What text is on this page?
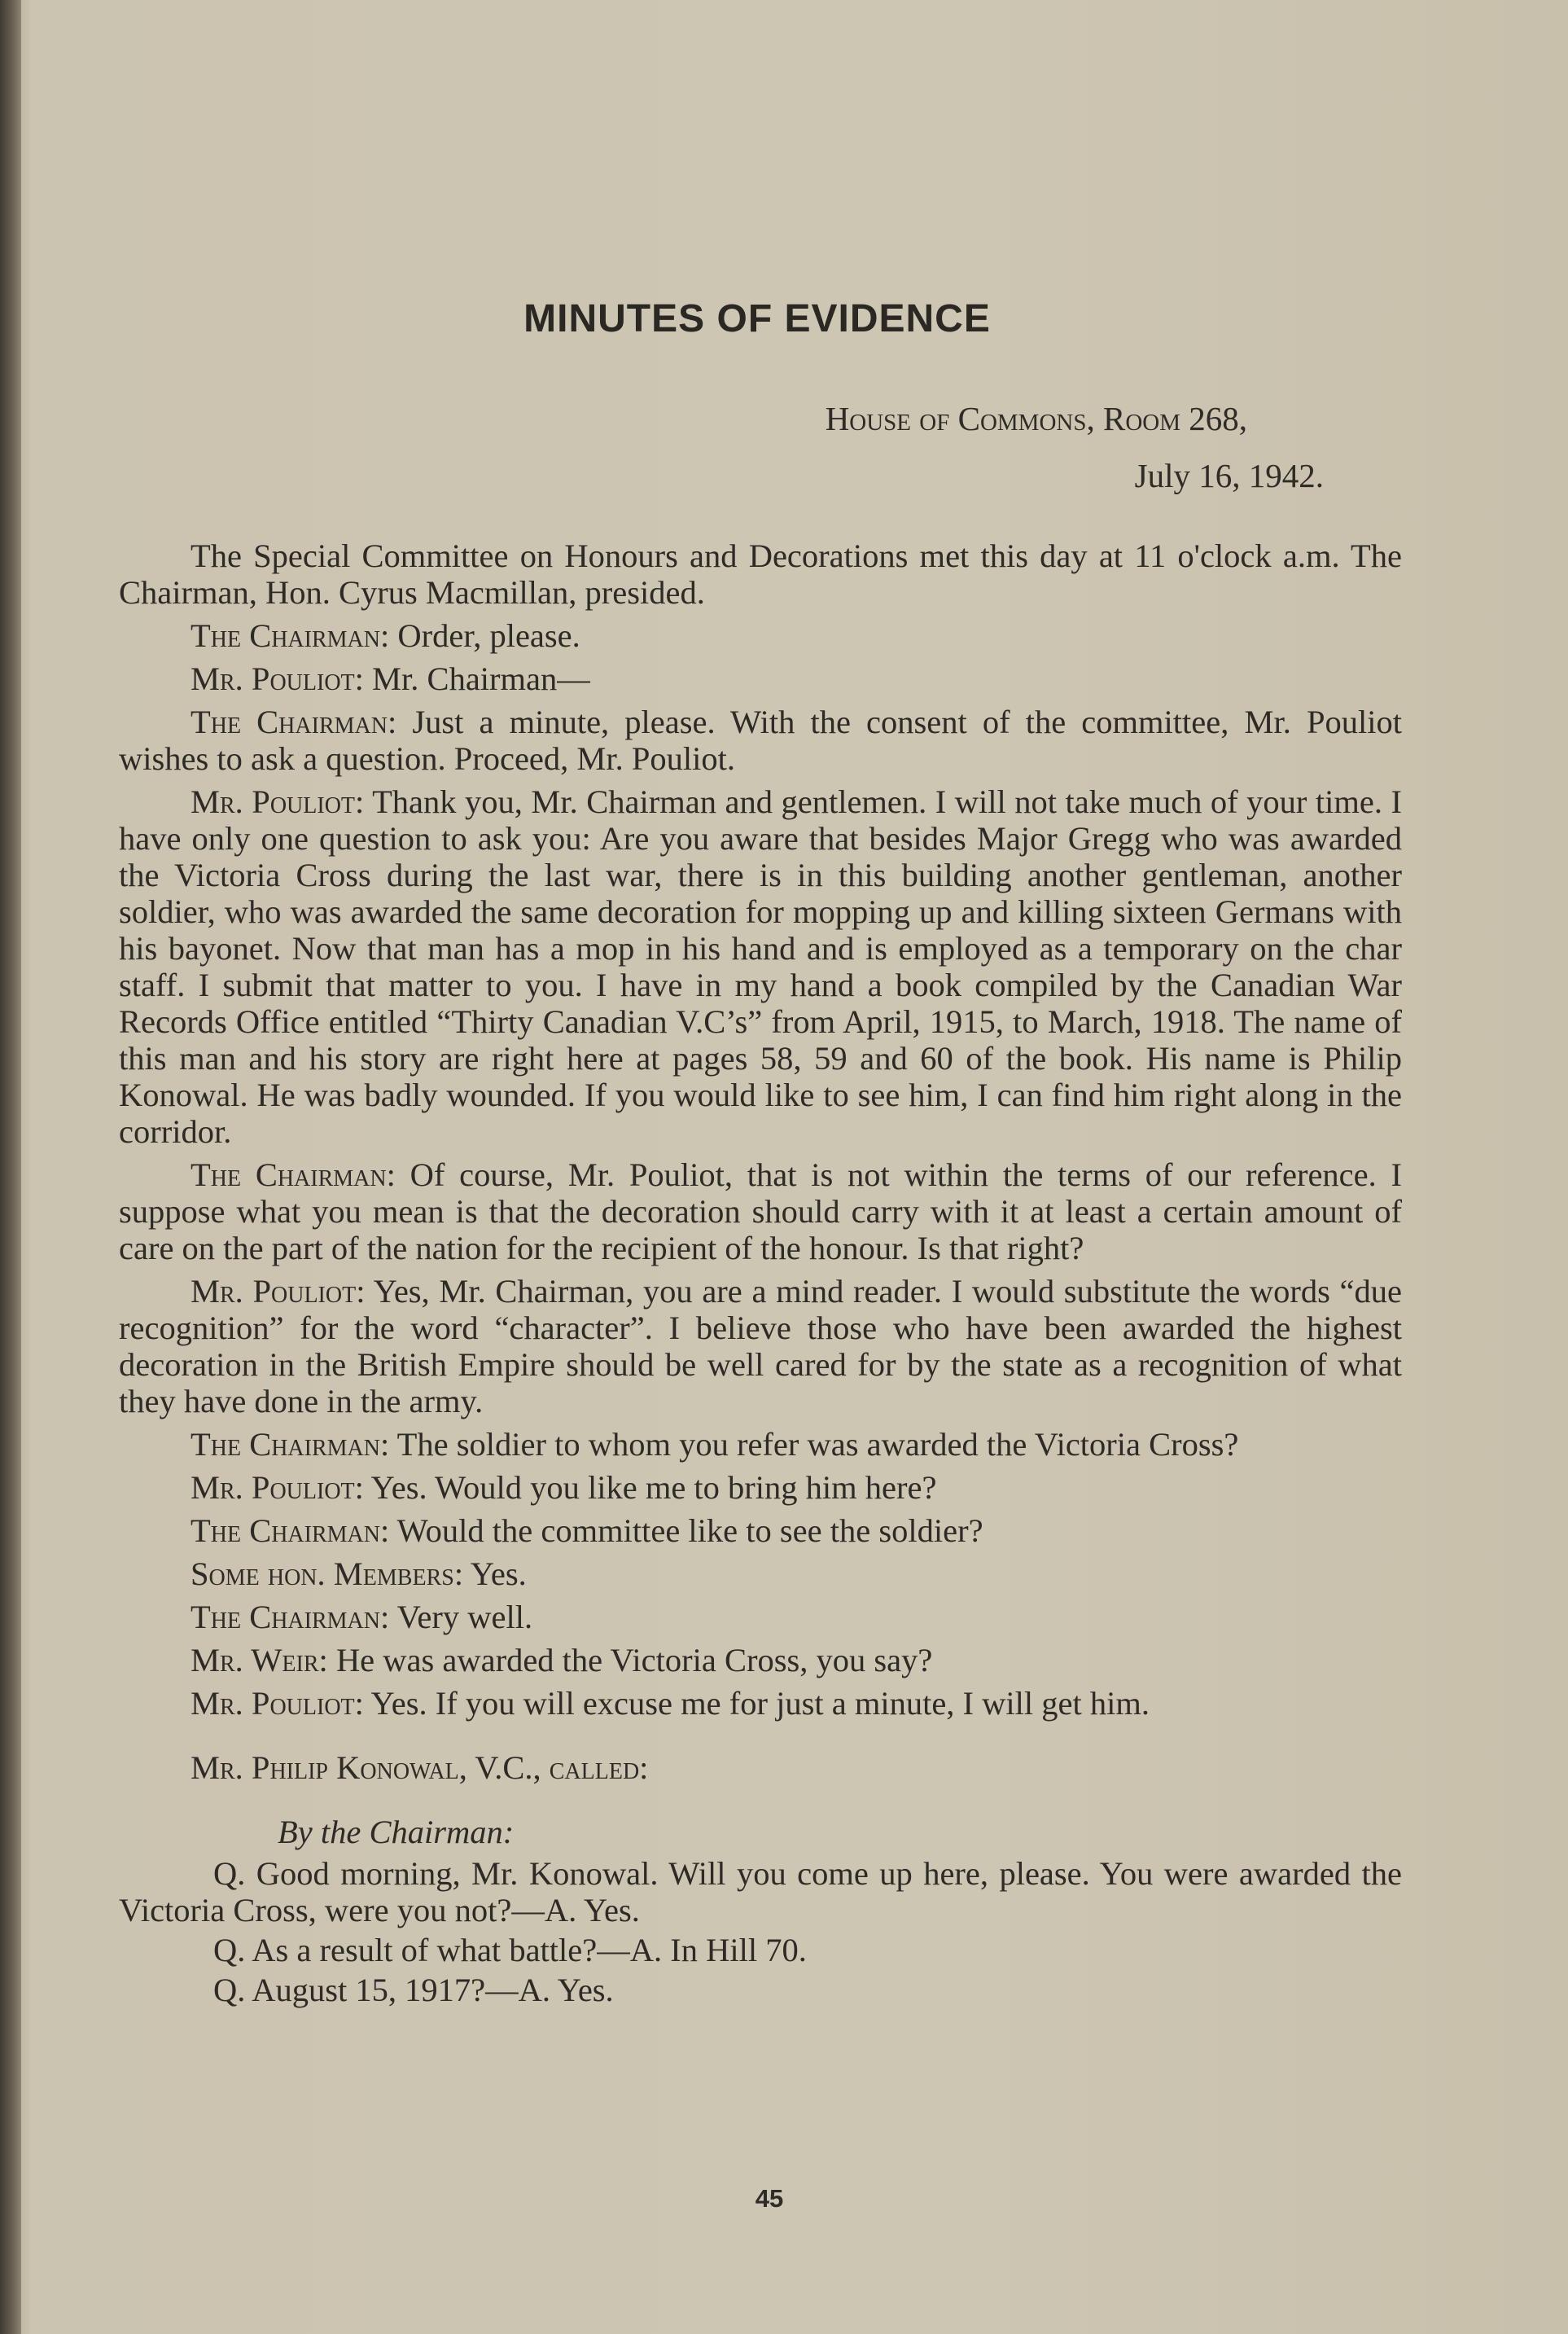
MINUTES OF EVIDENCE
House of Commons, Room 268,
July 16, 1942.

The Special Committee on Honours and Decorations met this day at 11 o'clock a.m. The Chairman, Hon. Cyrus Macmillan, presided.

The Chairman: Order, please.

Mr. Pouliot: Mr. Chairman—

The Chairman: Just a minute, please. With the consent of the committee, Mr. Pouliot wishes to ask a question. Proceed, Mr. Pouliot.

Mr. Pouliot: Thank you, Mr. Chairman and gentlemen. I will not take much of your time. I have only one question to ask you: Are you aware that besides Major Gregg who was awarded the Victoria Cross during the last war, there is in this building another gentleman, another soldier, who was awarded the same decoration for mopping up and killing sixteen Germans with his bayonet. Now that man has a mop in his hand and is employed as a temporary on the char staff. I submit that matter to you. I have in my hand a book compiled by the Canadian War Records Office entitled “Thirty Canadian V.C’s” from April, 1915, to March, 1918. The name of this man and his story are right here at pages 58, 59 and 60 of the book. His name is Philip Konowal. He was badly wounded. If you would like to see him, I can find him right along in the corridor.

The Chairman: Of course, Mr. Pouliot, that is not within the terms of our reference. I suppose what you mean is that the decoration should carry with it at least a certain amount of care on the part of the nation for the recipient of the honour. Is that right?

Mr. Pouliot: Yes, Mr. Chairman, you are a mind reader. I would substitute the words “due recognition” for the word “character”. I believe those who have been awarded the highest decoration in the British Empire should be well cared for by the state as a recognition of what they have done in the army.

The Chairman: The soldier to whom you refer was awarded the Victoria Cross?

Mr. Pouliot: Yes. Would you like me to bring him here?

The Chairman: Would the committee like to see the soldier?

Some hon. Members: Yes.

The Chairman: Very well.

Mr. Weir: He was awarded the Victoria Cross, you say?

Mr. Pouliot: Yes. If you will excuse me for just a minute, I will get him.

Mr. Philip Konowal, V.C., called:

By the Chairman:

Q. Good morning, Mr. Konowal. Will you come up here, please. You were awarded the Victoria Cross, were you not?—A. Yes.

Q. As a result of what battle?—A. In Hill 70.

Q. August 15, 1917?—A. Yes.

45
